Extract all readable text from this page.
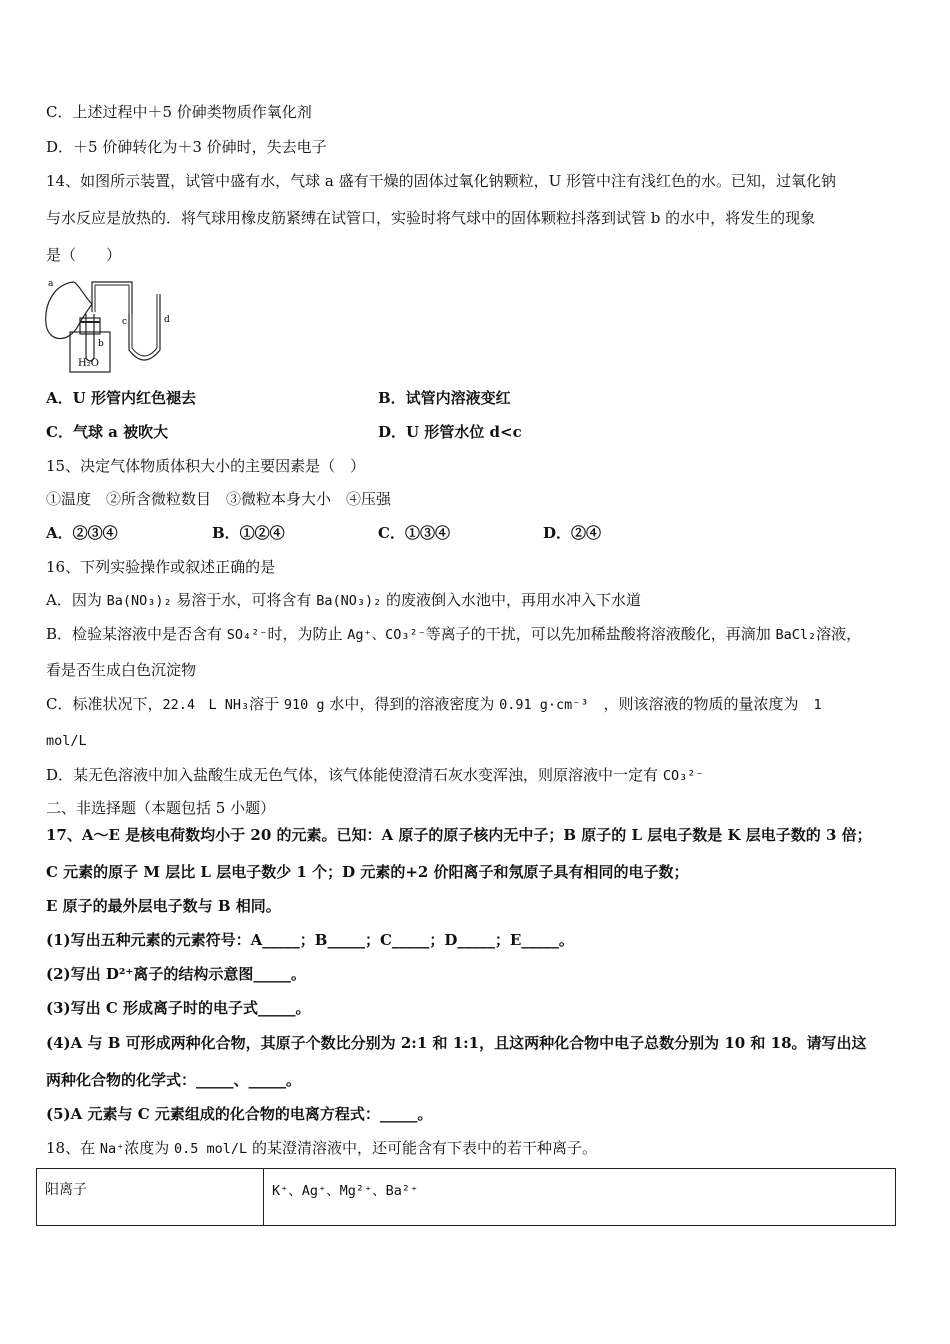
C．上述过程中＋5 价砷类物质作氧化剂
D．＋5 价砷转化为＋3 价砷时，失去电子
14、如图所示装置，试管中盛有水，气球 a 盛有干燥的固体过氧化钠颗粒，U 形管中注有浅红色的水。已知，过氧化钠
与水反应是放热的．将气球用橡皮筋紧缚在试管口，实验时将气球中的固体颗粒抖落到试管 b 的水中，将发生的现象
是（　　）
a
b
c	d
H₂O
A．U 形管内红色褪去	B．试管内溶液变红
C．气球 a 被吹大	D．U 形管水位 d<c
15、决定气体物质体积大小的主要因素是（　）
①温度　②所含微粒数目　③微粒本身大小　④压强
A．②③④	B．①②④	C．①③④	D．②④
16、下列实验操作或叙述正确的是
A．因为 Ba(NO₃)₂ 易溶于水，可将含有 Ba(NO₃)₂ 的废液倒入水池中，再用水冲入下水道
B．检验某溶液中是否含有 SO₄²⁻时，为防止 Ag⁺、CO₃²⁻等离子的干扰，可以先加稀盐酸将溶液酸化，再滴加 BaCl₂溶液，
看是否生成白色沉淀物
C．标准状况下，22.4　L NH₃溶于 910 g 水中，得到的溶液密度为 0.91 g·cm⁻³　，则该溶液的物质的量浓度为　1
mol/L
D．某无色溶液中加入盐酸生成无色气体，该气体能使澄清石灰水变浑浊，则原溶液中一定有 CO₃²⁻
二、非选择题（本题包括 5 小题）
17、A～E 是核电荷数均小于 20 的元素。已知：A 原子的原子核内无中子；B 原子的 L 层电子数是 K 层电子数的 3 倍；
C 元素的原子 M 层比 L 层电子数少 1 个；D 元素的+2 价阳离子和氖原子具有相同的电子数；
E 原子的最外层电子数与 B 相同。
(1)写出五种元素的元素符号：A_____；B_____；C_____；D_____；E_____。
(2)写出 D²⁺离子的结构示意图_____。
(3)写出 C 形成离子时的电子式_____。
(4)A 与 B 可形成两种化合物，其原子个数比分别为 2:1 和 1:1，且这两种化合物中电子总数分别为 10 和 18。请写出这
两种化合物的化学式：_____、_____。
(5)A 元素与 C 元素组成的化合物的电离方程式：_____。
18、在 Na⁺浓度为 0.5 mol/L 的某澄清溶液中，还可能含有下表中的若干种离子。
阳离子	K⁺、Ag⁺、Mg²⁺、Ba²⁺
